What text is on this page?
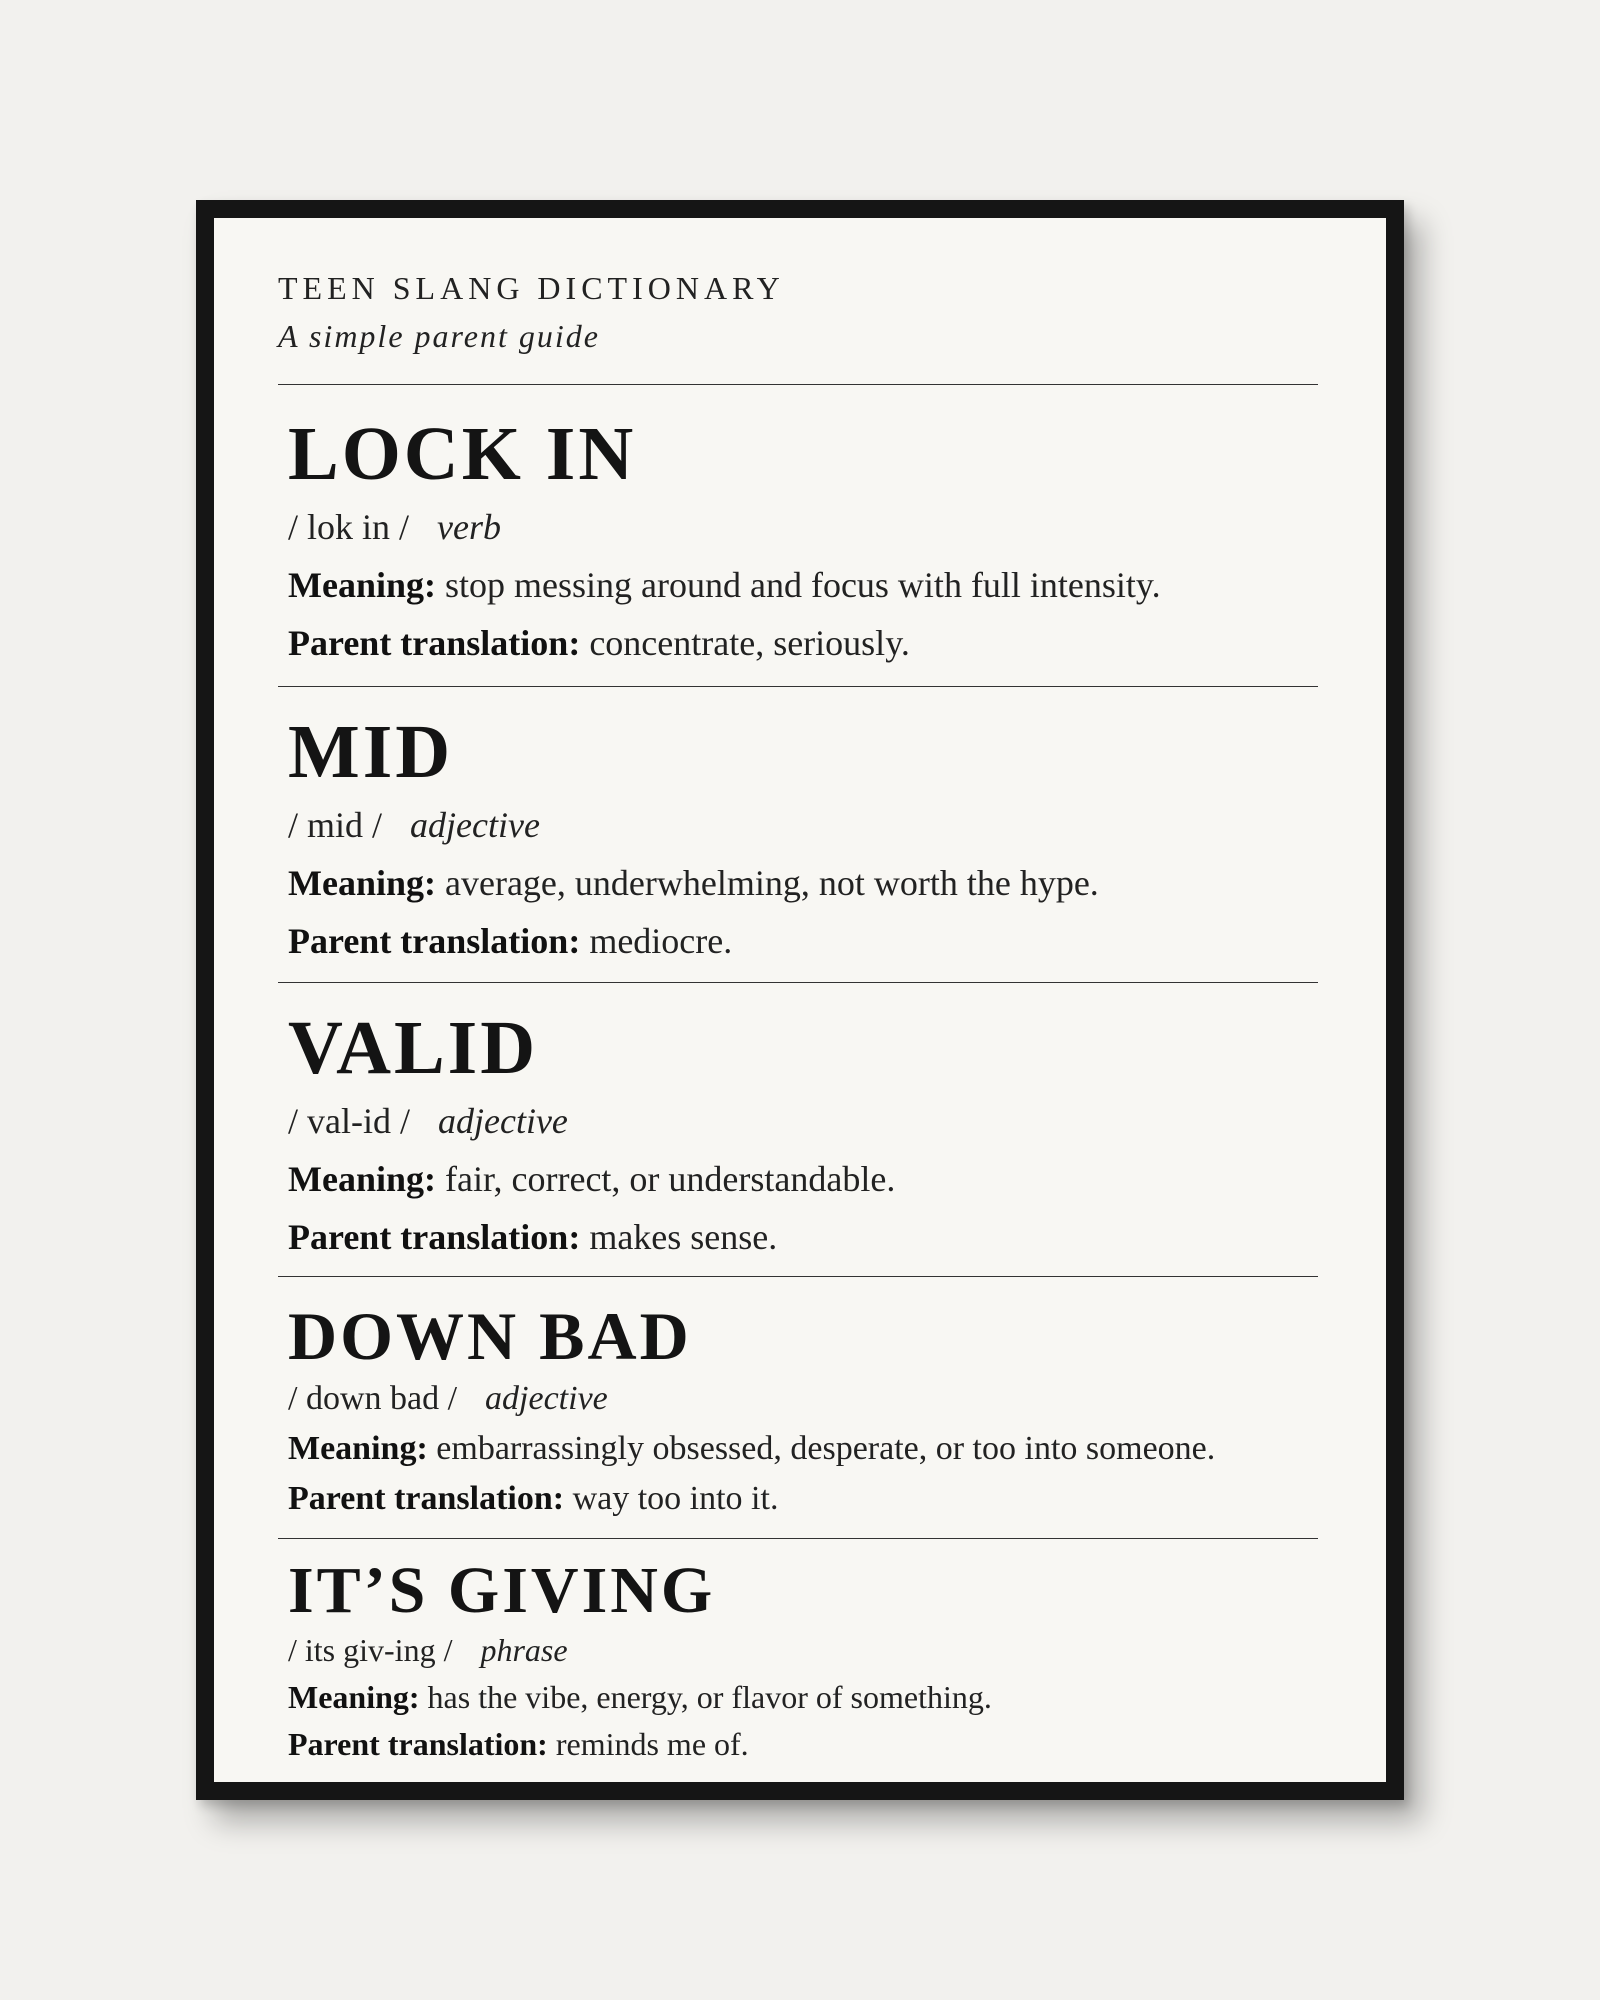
TEEN SLANG DICTIONARY
A simple parent guide
LOCK IN
/ lok in / verb
Meaning: stop messing around and focus with full intensity.
Parent translation: concentrate, seriously.
MID
/ mid / adjective
Meaning: average, underwhelming, not worth the hype.
Parent translation: mediocre.
VALID
/ val-id / adjective
Meaning: fair, correct, or understandable.
Parent translation: makes sense.
DOWN BAD
/ down bad / adjective
Meaning: embarrassingly obsessed, desperate, or too into someone.
Parent translation: way too into it.
IT’S GIVING
/ its giv-ing / phrase
Meaning: has the vibe, energy, or flavor of something.
Parent translation: reminds me of.
